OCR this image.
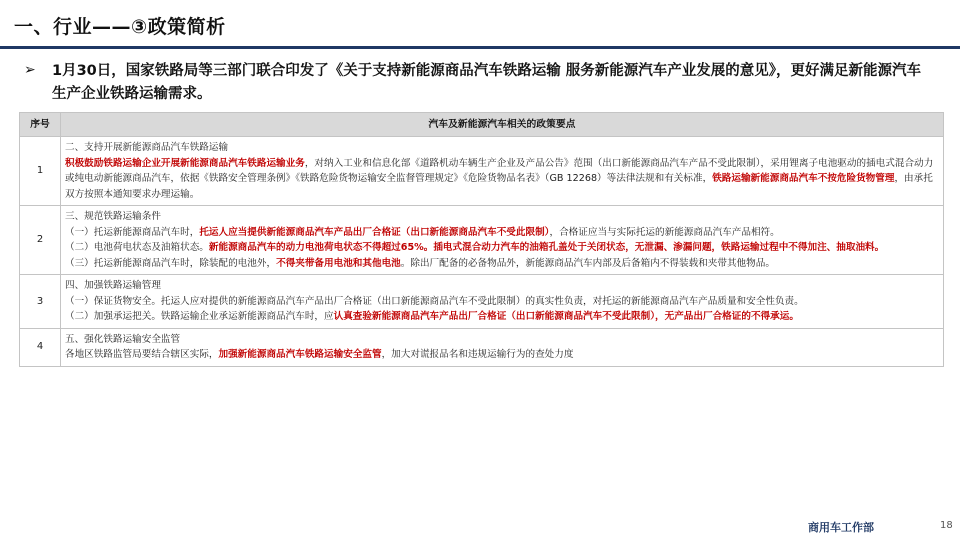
一、行业——③政策简析
➢ 1月30日，国家铁路局等三部门联合印发了《关于支持新能源商品汽车铁路运输 服务新能源汽车产业发展的意见》，更好满足新能源汽车生产企业铁路运输需求。
序号	汽车及新能源汽车相关的政策要点
1	二、支持开展新能源商品汽车铁路运输
积极鼓励铁路运输企业开展新能源商品汽车铁路运输业务，对纳入工业和信息化部《道路机动车辆生产企业及产品公告》范围（出口新能源商品汽车产品不受此限制），采用锂离子电池驱动的插电式混合动力或纯电动新能源商品汽车，依据《铁路安全管理条例》《铁路危险货物运输安全监督管理规定》《危险货物品名表》（GB 12268）等法律法规和有关标准，铁路运输新能源商品汽车不按危险货物管理，由承托双方按照本通知要求办理运输。

2	三、规范铁路运输条件
（一）托运新能源商品汽车时，托运人应当提供新能源商品汽车产品出厂合格证（出口新能源商品汽车不受此限制），合格证应当与实际托运的新能源商品汽车产品相符。
（二）电池荷电状态及油箱状态。新能源商品汽车的动力电池荷电状态不得超过65%。插电式混合动力汽车的油箱孔盖处于关闭状态，无泄漏、渗漏问题，铁路运输过程中不得加注、抽取油料。
（三）托运新能源商品汽车时，除装配的电池外，不得夹带备用电池和其他电池。除出厂配备的必备物品外，新能源商品汽车内部及后备箱内不得装载和夹带其他物品。

3	四、加强铁路运输管理
（一）保证货物安全。托运人应对提供的新能源商品汽车产品出厂合格证（出口新能源商品汽车不受此限制）的真实性负责，对托运的新能源商品汽车产品质量和安全性负责。
（二）加强承运把关。铁路运输企业承运新能源商品汽车时，应认真查验新能源商品汽车产品出厂合格证（出口新能源商品汽车不受此限制），无产品出厂合格证的不得承运。

4	五、强化铁路运输安全监管
各地区铁路监管局要结合辖区实际，加强新能源商品汽车铁路运输安全监管，加大对谎报品名和违规运输行为的查处力度
商用车工作部	18
